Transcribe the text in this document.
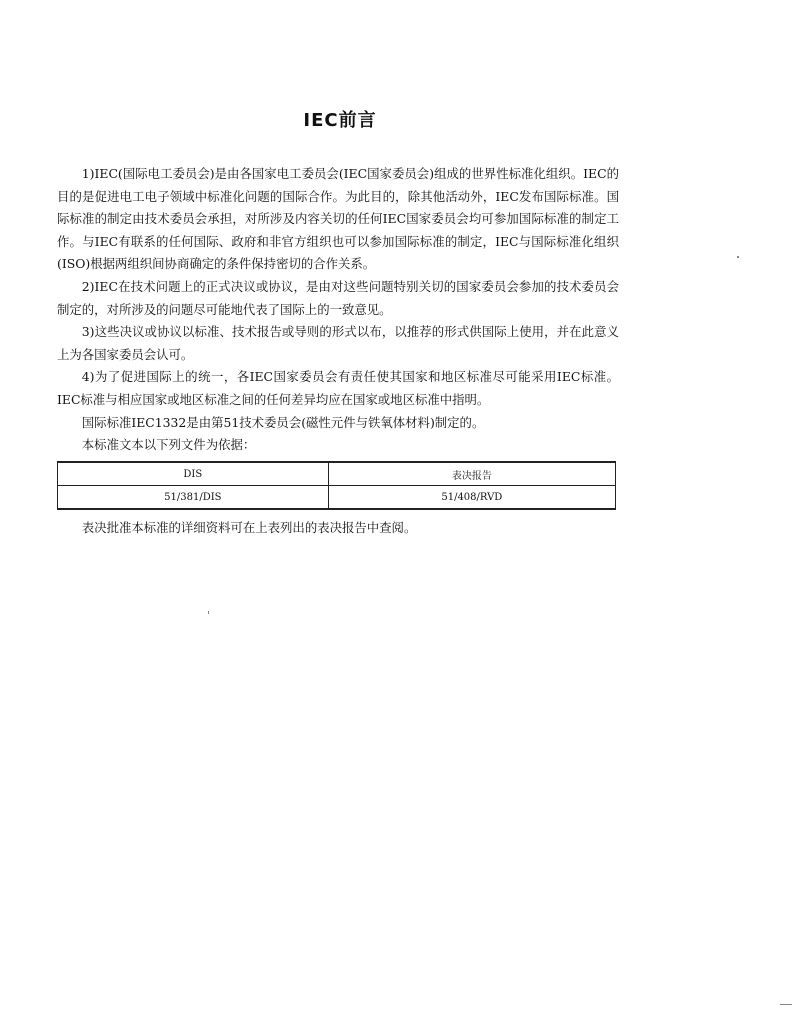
IEC前言

1)IEC(国际电工委员会)是由各国家电工委员会(IEC国家委员会)组成的世界性标准化组织。IEC的目的是促进电工电子领域中标准化问题的国际合作。为此目的，除其他活动外，IEC发布国际标准。国际标准的制定由技术委员会承担，对所涉及内容关切的任何IEC国家委员会均可参加国际标准的制定工作。与IEC有联系的任何国际、政府和非官方组织也可以参加国际标准的制定，IEC与国际标准化组织(ISO)根据两组织间协商确定的条件保持密切的合作关系。

2)IEC在技术问题上的正式决议或协议，是由对这些问题特别关切的国家委员会参加的技术委员会制定的，对所涉及的问题尽可能地代表了国际上的一致意见。

3)这些决议或协议以标准、技术报告或导则的形式以布，以推荐的形式供国际上使用，并在此意义上为各国家委员会认可。

4)为了促进国际上的统一，各IEC国家委员会有责任使其国家和地区标准尽可能采用IEC标准。IEC标准与相应国家或地区标准之间的任何差异均应在国家或地区标准中指明。

国际标准IEC1332是由第51技术委员会(磁性元件与铁氧体材料)制定的。

本标准文本以下列文件为依据：

DIS	表决报告
51/381/DIS	51/408/RVD

表决批准本标准的详细资料可在上表列出的表决报告中查阅。
